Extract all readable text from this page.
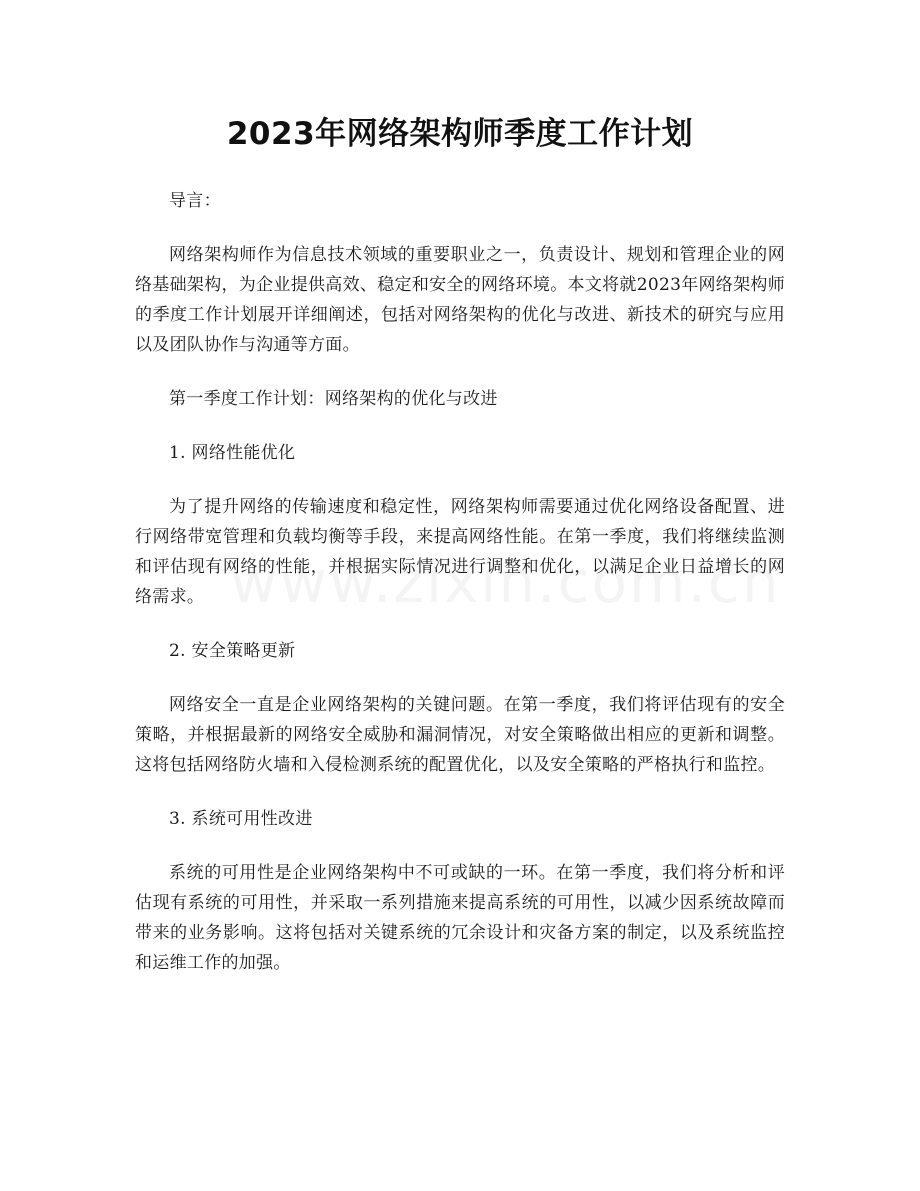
2023年网络架构师季度工作计划

导言：

网络架构师作为信息技术领域的重要职业之一，负责设计、规划和管理企业的网络基础架构，为企业提供高效、稳定和安全的网络环境。本文将就2023年网络架构师的季度工作计划展开详细阐述，包括对网络架构的优化与改进、新技术的研究与应用以及团队协作与沟通等方面。

第一季度工作计划：网络架构的优化与改进

1. 网络性能优化

为了提升网络的传输速度和稳定性，网络架构师需要通过优化网络设备配置、进行网络带宽管理和负载均衡等手段，来提高网络性能。在第一季度，我们将继续监测和评估现有网络的性能，并根据实际情况进行调整和优化，以满足企业日益增长的网络需求。

2. 安全策略更新

网络安全一直是企业网络架构的关键问题。在第一季度，我们将评估现有的安全策略，并根据最新的网络安全威胁和漏洞情况，对安全策略做出相应的更新和调整。这将包括网络防火墙和入侵检测系统的配置优化，以及安全策略的严格执行和监控。

3. 系统可用性改进

系统的可用性是企业网络架构中不可或缺的一环。在第一季度，我们将分析和评估现有系统的可用性，并采取一系列措施来提高系统的可用性，以减少因系统故障而带来的业务影响。这将包括对关键系统的冗余设计和灾备方案的制定，以及系统监控和运维工作的加强。
